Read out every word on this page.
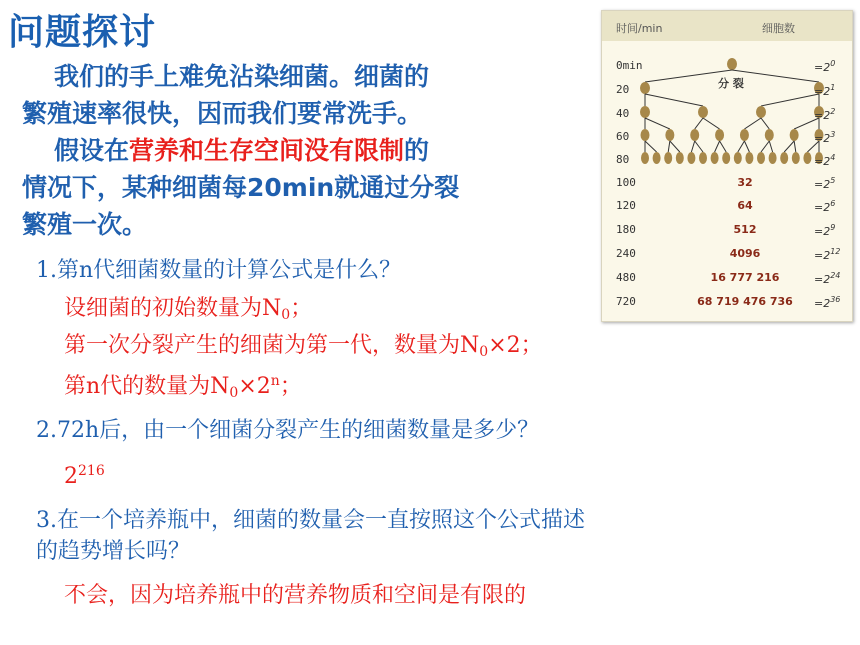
问题探讨
我们的手上难免沾染细菌。细菌的
繁殖速率很快，因而我们要常洗手。
假设在营养和生存空间没有限制的
情况下，某种细菌每20min就通过分裂
繁殖一次。
1.第n代细菌数量的计算公式是什么？
设细菌的初始数量为$N_0$；
第一次分裂产生的细菌为第一代，数量为$N_0\times 2$；
第n代的数量为$N_0\times 2^n$；
2.72h后，由一个细菌分裂产生的细菌数量是多少？
$2^{216}$
3.在一个培养瓶中，细菌的数量会一直按照这个公式描述
的趋势增长吗？
不会，因为培养瓶中的营养物质和空间是有限的
时间/min	细胞数
分 裂
0min	$=2^0$
20	$=2^1$
40	$=2^2$
60	$=2^3$
80	$=2^4$
100	32	$=2^5$
120	64	$=2^6$
180	512	$=2^9$
240	4096	$=2^{12}$
480	16 777 216	$=2^{24}$
720	68 719 476 736	$=2^{36}$
